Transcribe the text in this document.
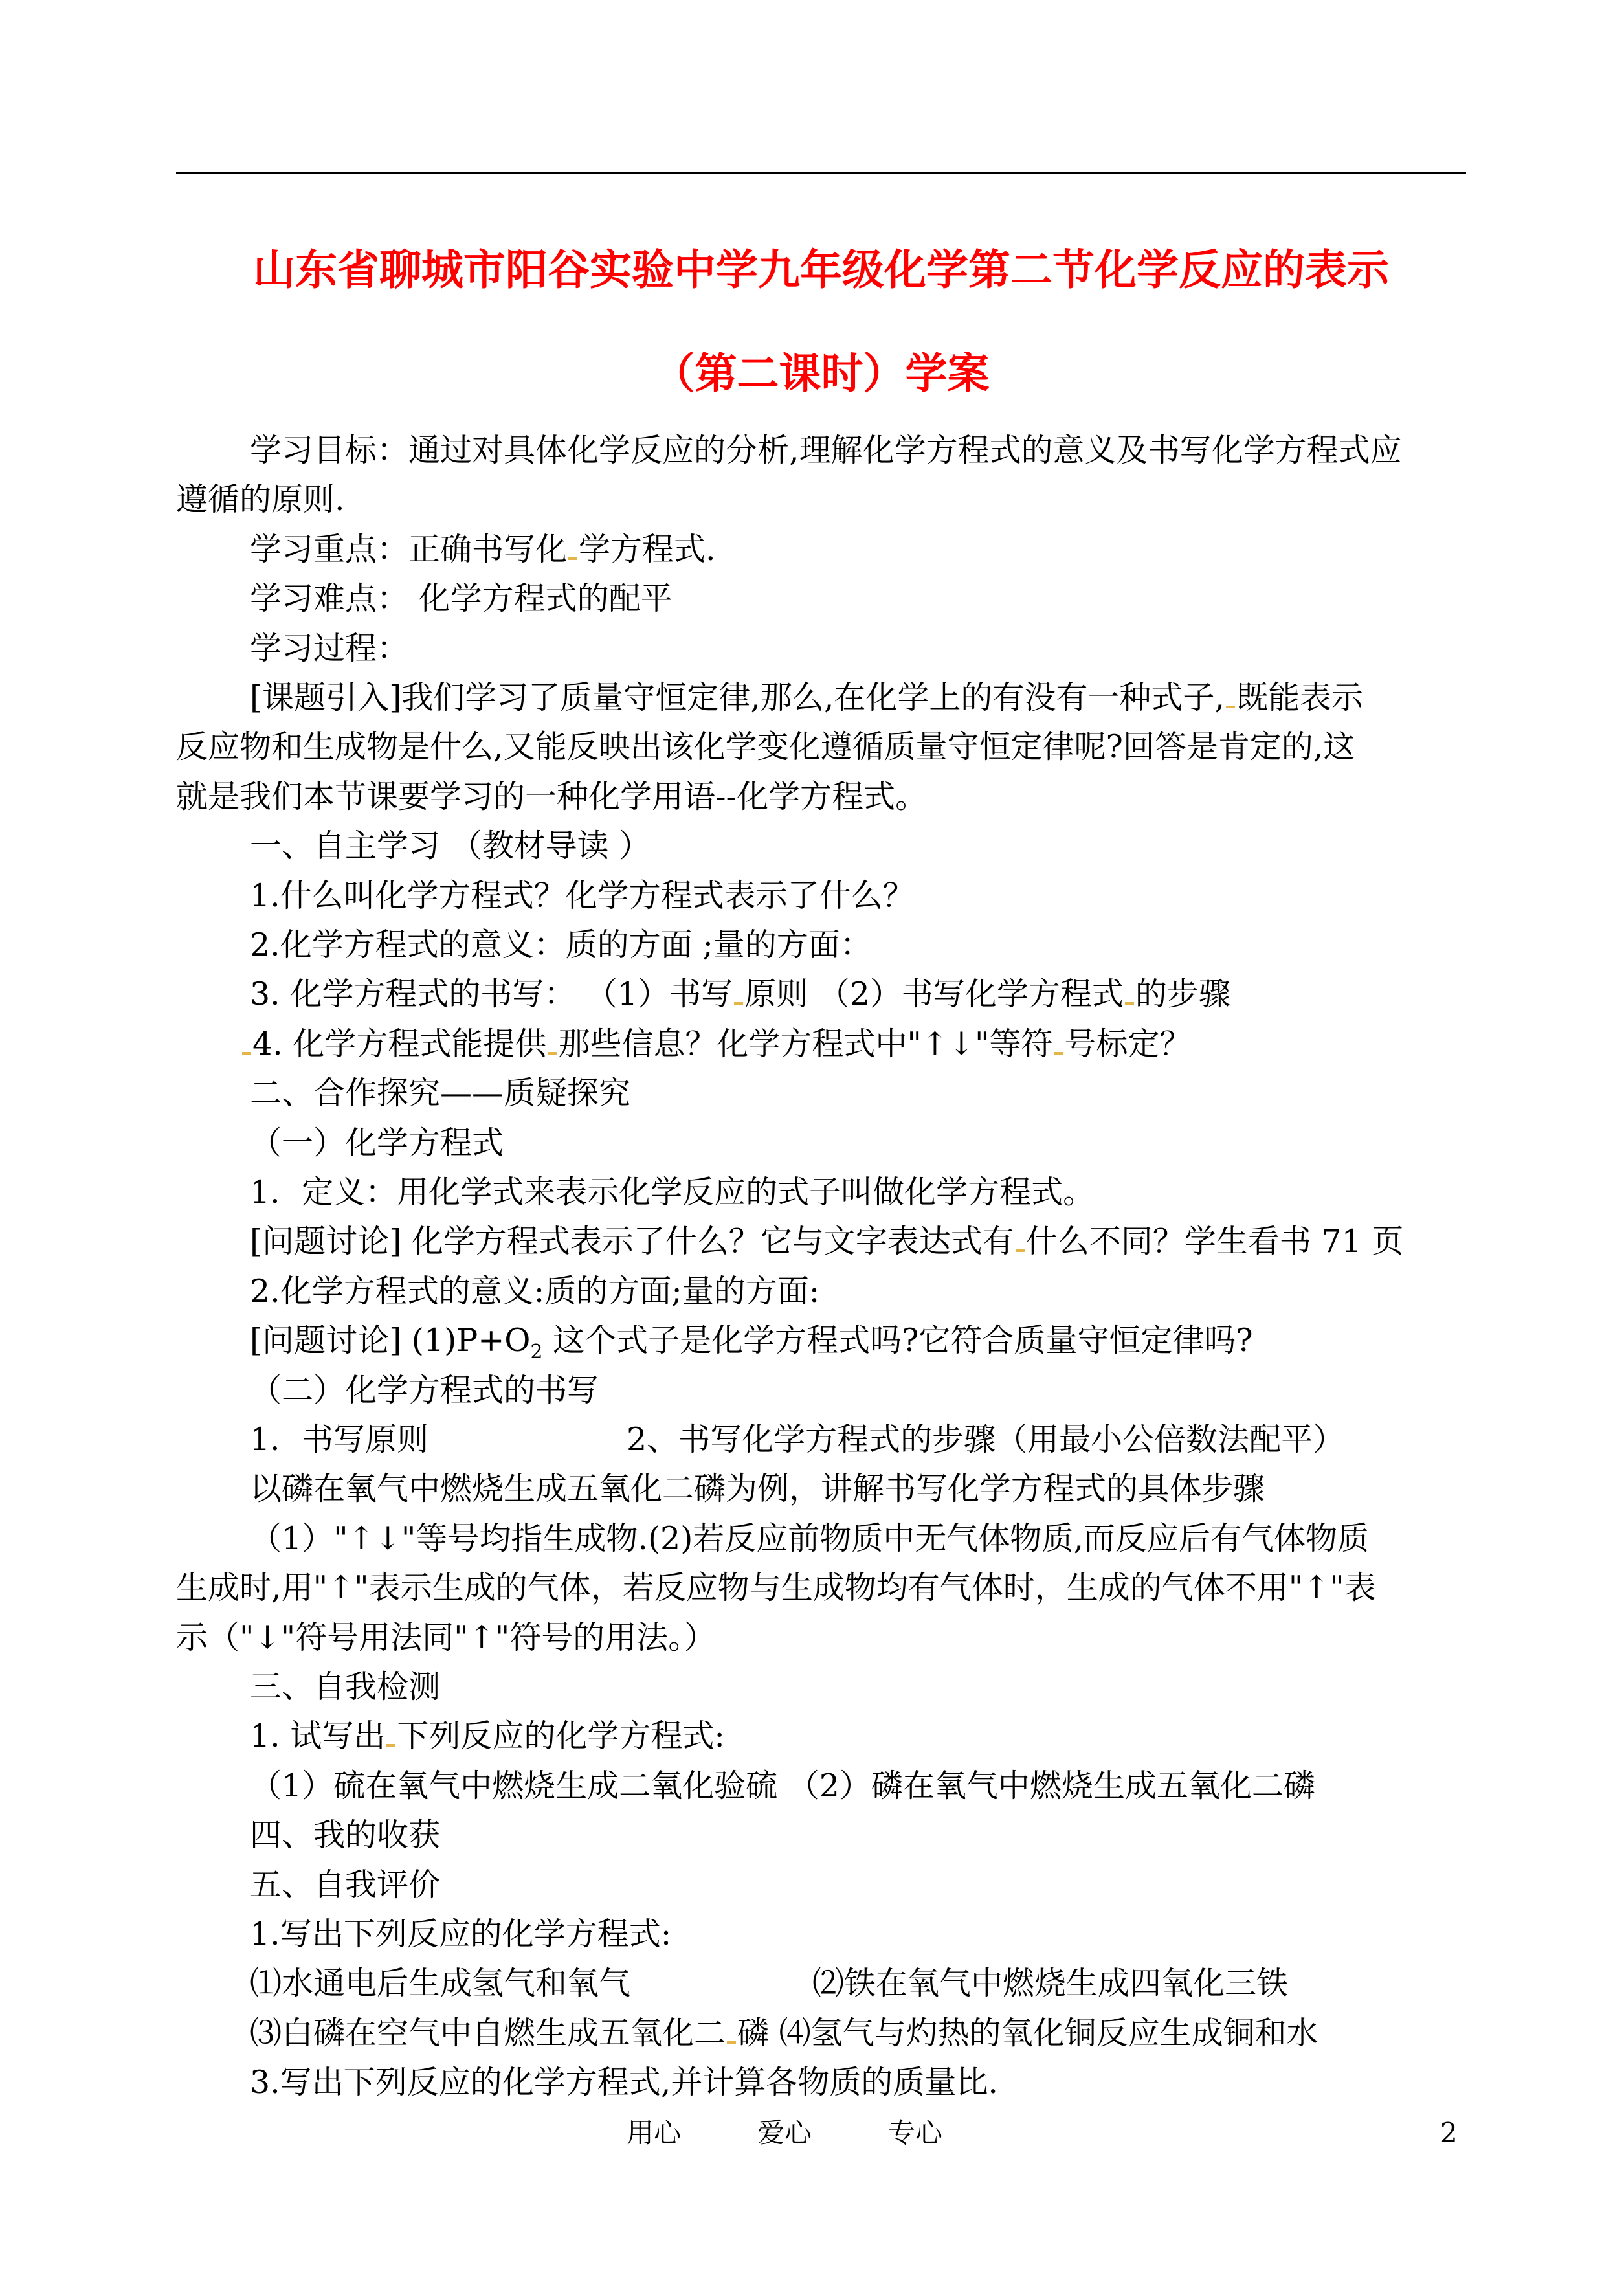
山东省聊城市阳谷实验中学九年级化学第二节化学反应的表示
（第二课时）学案
学习目标：通过对具体化学反应的分析,理解化学方程式的意义及书写化学方程式应
遵循的原则.
学习重点：正确书写化 学方程式.
学习难点： 化学方程式的配平
学习过程：
[课题引入]我们学习了质量守恒定律,那么,在化学上的有没有一种式子, 既能表示
反应物和生成物是什么,又能反映出该化学变化遵循质量守恒定律呢?回答是肯定的,这
就是我们本节课要学习的一种化学用语--化学方程式。
一、自主学习 （教材导读 ）
1.什么叫化学方程式？化学方程式表示了什么？
2.化学方程式的意义：质的方面 ;量的方面：
3. 化学方程式的书写： （1）书写 原则 （2）书写化学方程式 的步骤
4. 化学方程式能提供 那些信息？化学方程式中"↑↓"等符 号标定？
二、合作探究——质疑探究
（一）化学方程式
1．定义：用化学式来表示化学反应的式子叫做化学方程式。
[问题讨论] 化学方程式表示了什么？它与文字表达式有 什么不同？学生看书 71 页
2.化学方程式的意义:质的方面;量的方面:
[问题讨论] $(1)P+O_2$ 这个式子是化学方程式吗?它符合质量守恒定律吗?
（二）化学方程式的书写
1．书写原则	2、书写化学方程式的步骤（用最小公倍数法配平）
以磷在氧气中燃烧生成五氧化二磷为例，讲解书写化学方程式的具体步骤
（1）"↑↓"等号均指生成物.(2)若反应前物质中无气体物质,而反应后有气体物质
生成时,用"↑"表示生成的气体，若反应物与生成物均有气体时，生成的气体不用"↑"表
示（"↓"符号用法同"↑"符号的用法。）
三、自我检测
1. 试写出 下列反应的化学方程式:
（1）硫在氧气中燃烧生成二氧化验硫 （2）磷在氧气中燃烧生成五氧化二磷
四、我的收获
五、自我评价
1.写出下列反应的化学方程式:
⑴水通电后生成氢气和氧气	⑵铁在氧气中燃烧生成四氧化三铁
⑶白磷在空气中自燃生成五氧化二 磷 ⑷氢气与灼热的氧化铜反应生成铜和水
3.写出下列反应的化学方程式,并计算各物质的质量比.
用心	爱心	专心	2
